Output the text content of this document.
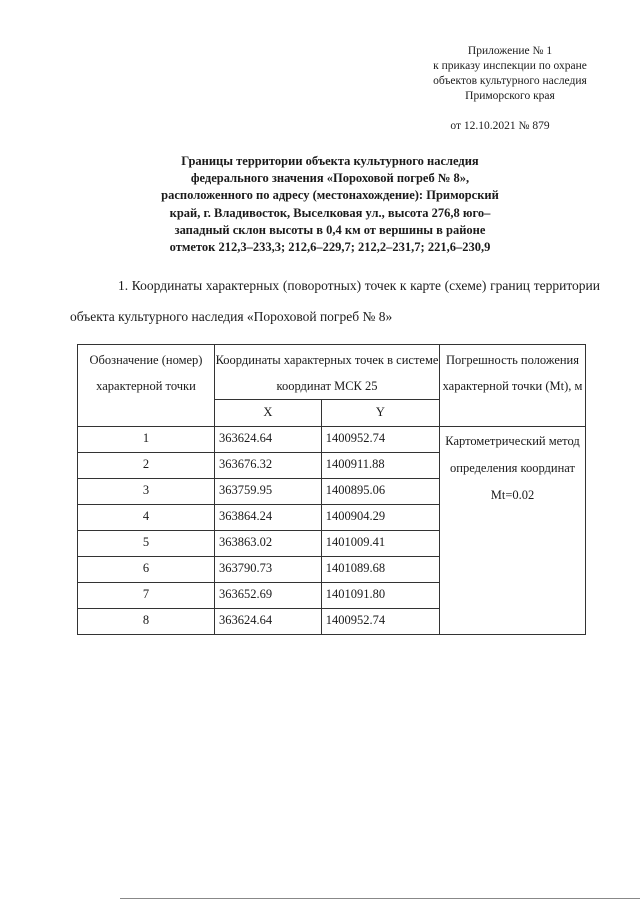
Приложение № 1
к приказу инспекции по охране
объектов культурного наследия
Приморского края
от 12.10.2021 № 879
Границы территории объекта культурного наследия
федерального значения «Пороховой погреб № 8»,
расположенного по адресу (местонахождение): Приморский
край, г. Владивосток, Выселковая ул., высота 276,8 юго–
западный склон высоты в 0,4 км от вершины в районе
отметок 212,3–233,3; 212,6–229,7; 212,2–231,7; 221,6–230,9
1. Координаты характерных (поворотных) точек к карте (схеме) границ территории объекта культурного наследия «Пороховой погреб № 8»
Обозначение (номер) характерной точки	Координаты характерных точек в системе координат МСК 25		Погрешность положения характерной точки (Mt), м
	X	Y	
1	363624.64	1400952.74	Картометрический метод определения координат Mt=0.02
2	363676.32	1400911.88	
3	363759.95	1400895.06	
4	363864.24	1400904.29	
5	363863.02	1401009.41	
6	363790.73	1401089.68	
7	363652.69	1401091.80	
8	363624.64	1400952.74	
